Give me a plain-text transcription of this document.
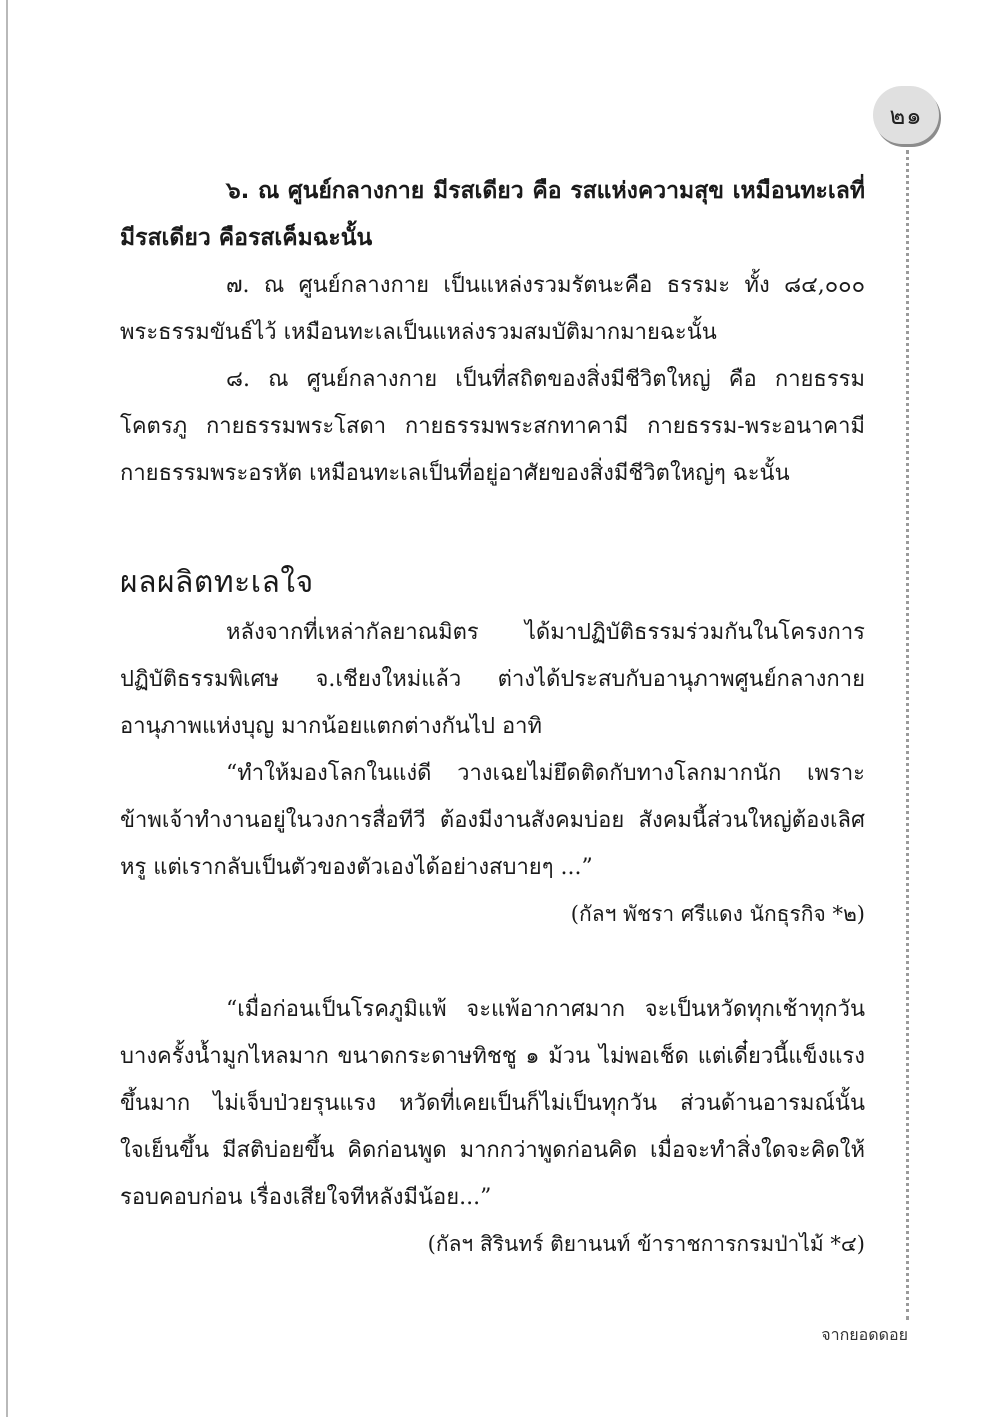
๒๑

๖. ณ ศูนย์กลางกาย มีรสเดียว คือ รสแห่งความสุข เหมือนทะเลที่มีรสเดียว คือรสเค็มฉะนั้น

๗. ณ ศูนย์กลางกาย เป็นแหล่งรวมรัตนะคือ ธรรมะ ทั้ง ๘๔,๐๐๐ พระธรรมขันธ์ไว้ เหมือนทะเลเป็นแหล่งรวมสมบัติมากมายฉะนั้น

๘. ณ ศูนย์กลางกาย เป็นที่สถิตของสิ่งมีชีวิตใหญ่ คือ กายธรรมโคตรภู กายธรรมพระโสดา กายธรรมพระสกทาคามี กายธรรม-พระอนาคามี กายธรรมพระอรหัต เหมือนทะเลเป็นที่อยู่อาศัยของสิ่งมีชีวิตใหญ่ๆ ฉะนั้น

ผลผลิตทะเลใจ

หลังจากที่เหล่ากัลยาณมิตร ได้มาปฏิบัติธรรมร่วมกันในโครงการปฏิบัติธรรมพิเศษ จ.เชียงใหม่แล้ว ต่างได้ประสบกับอานุภาพศูนย์กลางกาย อานุภาพแห่งบุญ มากน้อยแตกต่างกันไป อาทิ

“ทำให้มองโลกในแง่ดี วางเฉยไม่ยึดติดกับทางโลกมากนัก เพราะข้าพเจ้าทำงานอยู่ในวงการสื่อทีวี ต้องมีงานสังคมบ่อย สังคมนี้ส่วนใหญ่ต้องเลิศหรู แต่เรากลับเป็นตัวของตัวเองได้อย่างสบายๆ ...”

(กัลฯ พัชรา ศรีแดง นักธุรกิจ *๒)

“เมื่อก่อนเป็นโรคภูมิแพ้ จะแพ้อากาศมาก จะเป็นหวัดทุกเช้าทุกวัน บางครั้งน้ำมูกไหลมาก ขนาดกระดาษทิชชู ๑ ม้วน ไม่พอเช็ด แต่เดี๋ยวนี้แข็งแรงขึ้นมาก ไม่เจ็บป่วยรุนแรง หวัดที่เคยเป็นก็ไม่เป็นทุกวัน ส่วนด้านอารมณ์นั้น ใจเย็นขึ้น มีสติบ่อยขึ้น คิดก่อนพูด มากกว่าพูดก่อนคิด เมื่อจะทำสิ่งใดจะคิดให้รอบคอบก่อน เรื่องเสียใจทีหลังมีน้อย...”

(กัลฯ สิรินทร์ ติยานนท์ ข้าราชการกรมป่าไม้ *๔)

จากยอดดอย
